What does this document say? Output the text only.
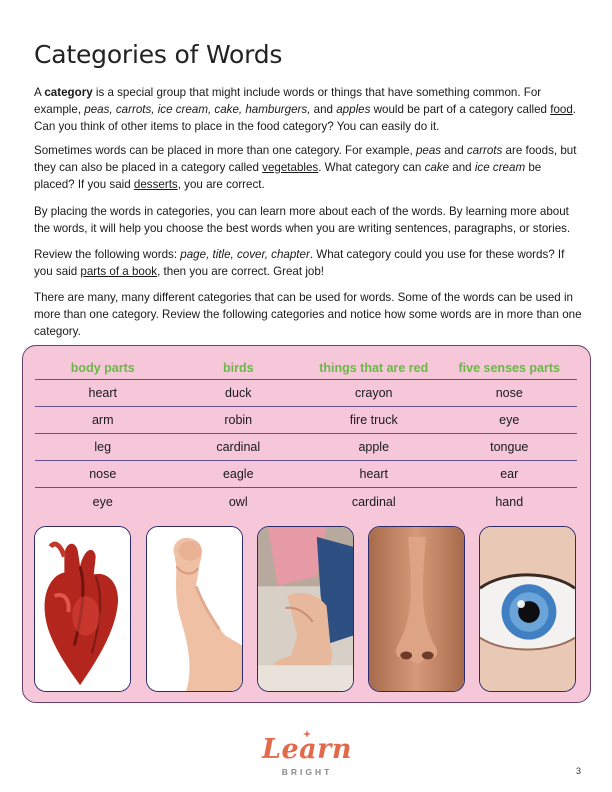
Categories of Words

A category is a special group that might include words or things that have something common. For example, peas, carrots, ice cream, cake, hamburgers, and apples would be part of a category called food. Can you think of other items to place in the food category? You can easily do it.

Sometimes words can be placed in more than one category. For example, peas and carrots are foods, but they can also be placed in a category called vegetables. What category can cake and ice cream be placed? If you said desserts, you are correct.

By placing the words in categories, you can learn more about each of the words. By learning more about the words, it will help you choose the best words when you are writing sentences, paragraphs, or stories.

Review the following words: page, title, cover, chapter. What category could you use for these words? If you said parts of a book, then you are correct. Great job!

There are many, many different categories that can be used for words. Some of the words can be used in more than one category. Review the following categories and notice how some words are in more than one category.

body parts	birds	things that are red	five senses parts
heart	duck	crayon	nose
arm	robin	fire truck	eye
leg	cardinal	apple	tongue
nose	eagle	heart	ear
eye	owl	cardinal	hand
Learn
BRIGHT	3
